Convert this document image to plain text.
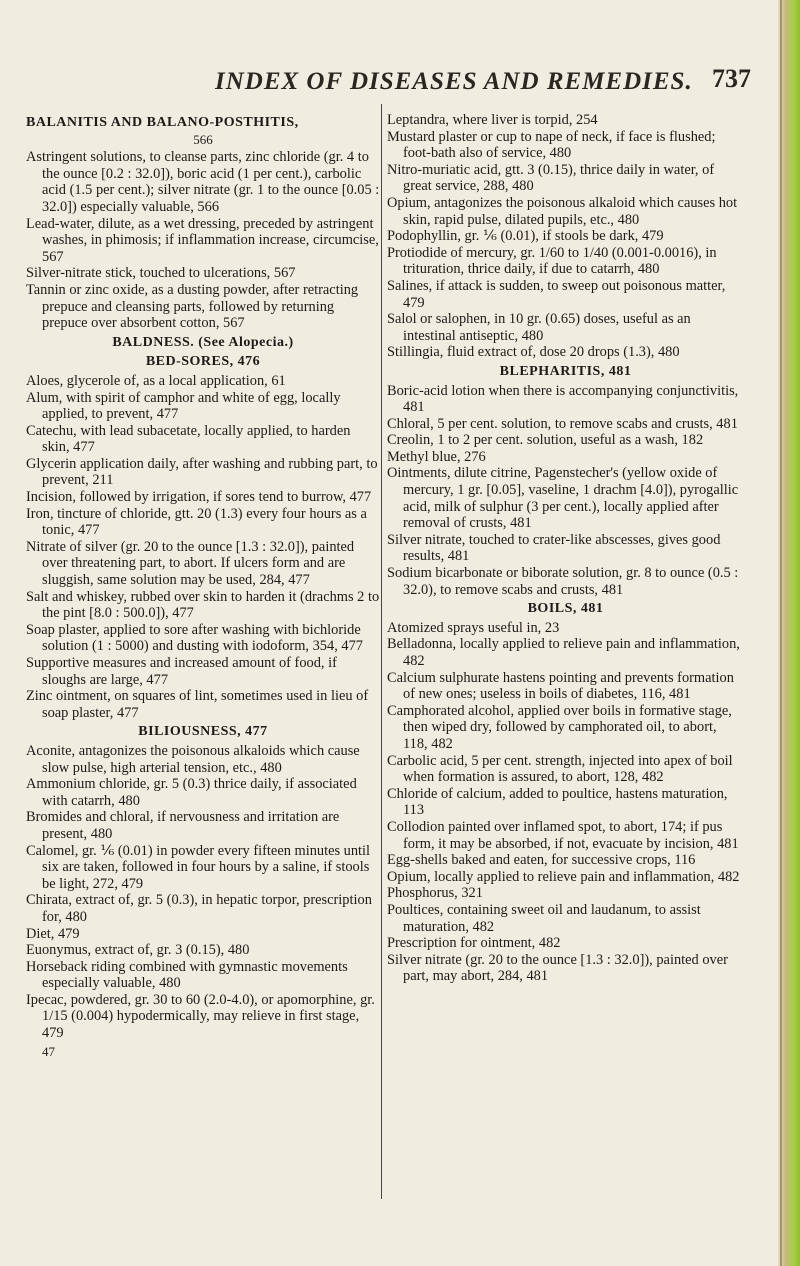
INDEX OF DISEASES AND REMEDIES. 737
BALANITIS AND BALANO-POSTHITIS,
566

Astringent solutions, to cleanse parts, zinc chloride (gr. 4 to the ounce [0.2 : 32.0]), boric acid (1 per cent.), carbolic acid (1.5 per cent.); silver nitrate (gr. 1 to the ounce [0.05 : 32.0]) especially valuable, 566

Lead-water, dilute, as a wet dressing, preceded by astringent washes, in phimosis; if inflammation increase, circumcise, 567

Silver-nitrate stick, touched to ulcerations, 567

Tannin or zinc oxide, as a dusting powder, after retracting prepuce and cleansing parts, followed by returning prepuce over absorbent cotton, 567

BALDNESS. (See Alopecia.)
BED-SORES, 476

Aloes, glycerole of, as a local application, 61

Alum, with spirit of camphor and white of egg, locally applied, to prevent, 477

Catechu, with lead subacetate, locally applied, to harden skin, 477

Glycerin application daily, after washing and rubbing part, to prevent, 211

Incision, followed by irrigation, if sores tend to burrow, 477

Iron, tincture of chloride, gtt. 20 (1.3) every four hours as a tonic, 477

Nitrate of silver (gr. 20 to the ounce [1.3 : 32.0]), painted over threatening part, to abort. If ulcers form and are sluggish, same solution may be used, 284, 477

Salt and whiskey, rubbed over skin to harden it (drachms 2 to the pint [8.0 : 500.0]), 477

Soap plaster, applied to sore after washing with bichloride solution (1 : 5000) and dusting with iodoform, 354, 477

Supportive measures and increased amount of food, if sloughs are large, 477

Zinc ointment, on squares of lint, sometimes used in lieu of soap plaster, 477

BILIOUSNESS, 477

Aconite, antagonizes the poisonous alkaloids which cause slow pulse, high arterial tension, etc., 480

Ammonium chloride, gr. 5 (0.3) thrice daily, if associated with catarrh, 480

Bromides and chloral, if nervousness and irritation are present, 480

Calomel, gr. ⅙ (0.01) in powder every fifteen minutes until six are taken, followed in four hours by a saline, if stools be light, 272, 479

Chirata, extract of, gr. 5 (0.3), in hepatic torpor, prescription for, 480

Diet, 479

Euonymus, extract of, gr. 3 (0.15), 480

Horseback riding combined with gymnastic movements especially valuable, 480

Ipecac, powdered, gr. 30 to 60 (2.0-4.0), or apomorphine, gr. 1/15 (0.004) hypodermically, may relieve in first stage, 479

47

Leptandra, where liver is torpid, 254

Mustard plaster or cup to nape of neck, if face is flushed; foot-bath also of service, 480

Nitro-muriatic acid, gtt. 3 (0.15), thrice daily in water, of great service, 288, 480

Opium, antagonizes the poisonous alkaloid which causes hot skin, rapid pulse, dilated pupils, etc., 480

Podophyllin, gr. ⅙ (0.01), if stools be dark, 479

Protiodide of mercury, gr. 1/60 to 1/40 (0.001-0.0016), in trituration, thrice daily, if due to catarrh, 480

Salines, if attack is sudden, to sweep out poisonous matter, 479

Salol or salophen, in 10 gr. (0.65) doses, useful as an intestinal antiseptic, 480

Stillingia, fluid extract of, dose 20 drops (1.3), 480

BLEPHARITIS, 481

Boric-acid lotion when there is accompanying conjunctivitis, 481

Chloral, 5 per cent. solution, to remove scabs and crusts, 481

Creolin, 1 to 2 per cent. solution, useful as a wash, 182

Methyl blue, 276

Ointments, dilute citrine, Pagenstecher's (yellow oxide of mercury, 1 gr. [0.05], vaseline, 1 drachm [4.0]), pyrogallic acid, milk of sulphur (3 per cent.), locally applied after removal of crusts, 481

Silver nitrate, touched to crater-like abscesses, gives good results, 481

Sodium bicarbonate or biborate solution, gr. 8 to ounce (0.5 : 32.0), to remove scabs and crusts, 481

BOILS, 481

Atomized sprays useful in, 23

Belladonna, locally applied to relieve pain and inflammation, 482

Calcium sulphurate hastens pointing and prevents formation of new ones; useless in boils of diabetes, 116, 481

Camphorated alcohol, applied over boils in formative stage, then wiped dry, followed by camphorated oil, to abort, 118, 482

Carbolic acid, 5 per cent. strength, injected into apex of boil when formation is assured, to abort, 128, 482

Chloride of calcium, added to poultice, hastens maturation, 113

Collodion painted over inflamed spot, to abort, 174; if pus form, it may be absorbed, if not, evacuate by incision, 481

Egg-shells baked and eaten, for successive crops, 116

Opium, locally applied to relieve pain and inflammation, 482

Phosphorus, 321

Poultices, containing sweet oil and laudanum, to assist maturation, 482

Prescription for ointment, 482

Silver nitrate (gr. 20 to the ounce [1.3 : 32.0]), painted over part, may abort, 284, 481
